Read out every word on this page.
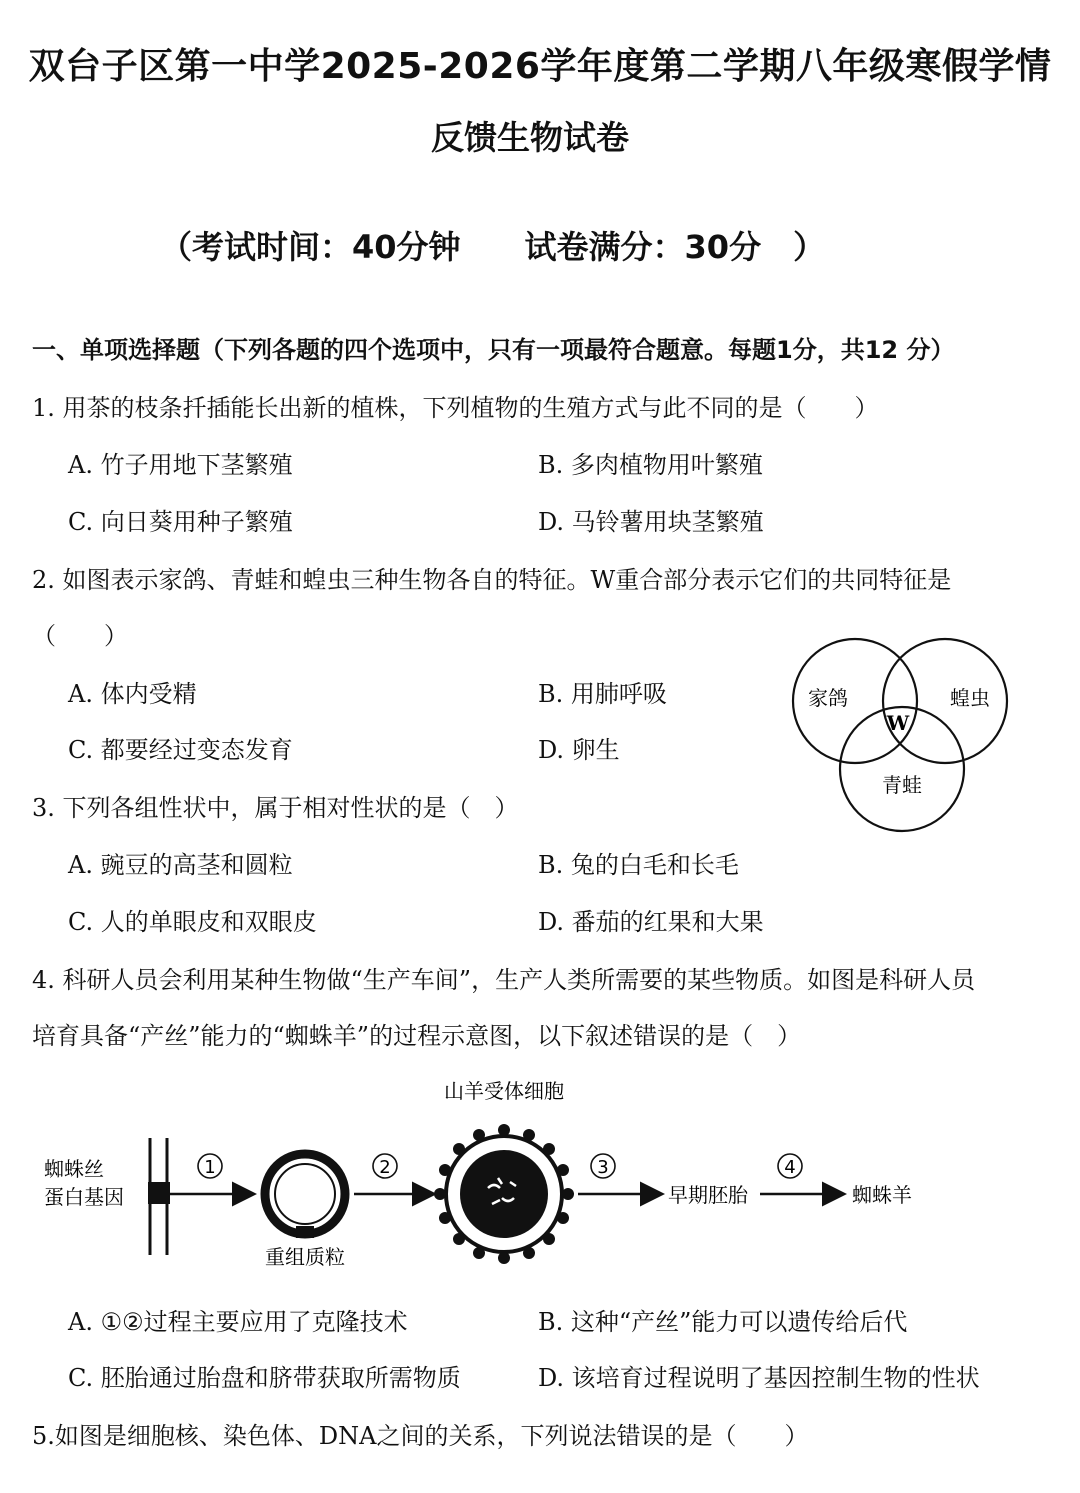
双台子区第一中学2025-2026学年度第二学期八年级寒假学情
反馈生物试卷
（考试时间：40分钟　　试卷满分：30分　）
一、单项选择题（下列各题的四个选项中，只有一项最符合题意。每题1分，共12 分）
1. 用茶的枝条扦插能长出新的植株，下列植物的生殖方式与此不同的是（　　）
A. 竹子用地下茎繁殖	B. 多肉植物用叶繁殖
C. 向日葵用种子繁殖	D. 马铃薯用块茎繁殖
2. 如图表示家鸽、青蛙和蝗虫三种生物各自的特征。W重合部分表示它们的共同特征是
（　　）
A. 体内受精	B. 用肺呼吸
C. 都要经过变态发育	D. 卵生
家鸽	蝗虫
青蛙
W
3. 下列各组性状中，属于相对性状的是（　）
A. 豌豆的高茎和圆粒	B. 兔的白毛和长毛
C. 人的单眼皮和双眼皮	D. 番茄的红果和大果
4. 科研人员会利用某种生物做“生产车间”，生产人类所需要的某些物质。如图是科研人员
培育具备“产丝”能力的“蜘蛛羊”的过程示意图，以下叙述错误的是（　）
蜘蛛丝
蛋白基因
1
重组质粒
2
山羊受体细胞
3
早期胚胎
4
蜘蛛羊
A. ①②过程主要应用了克隆技术	B. 这种“产丝”能力可以遗传给后代
C. 胚胎通过胎盘和脐带获取所需物质	D. 该培育过程说明了基因控制生物的性状
5.如图是细胞核、染色体、DNA之间的关系，下列说法错误的是（　　）
